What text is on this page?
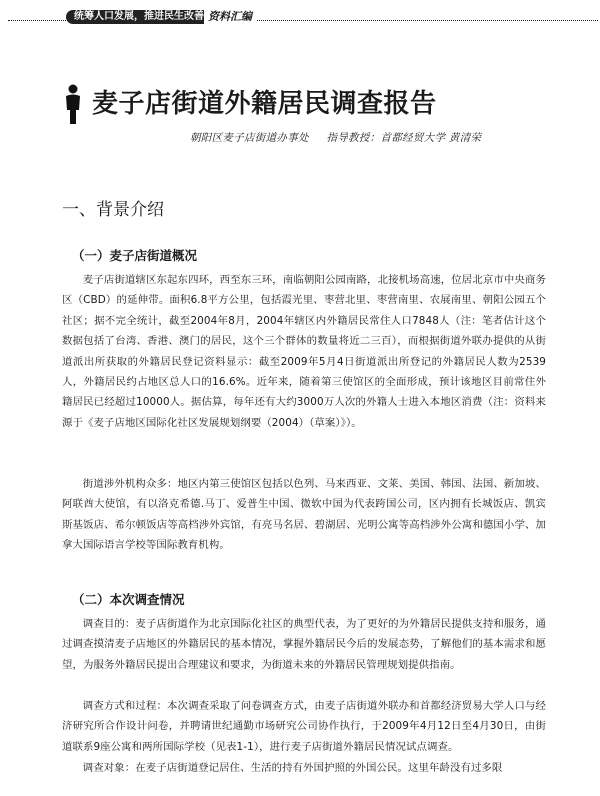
统筹人口发展，推进民生改善 资料汇编
麦子店街道外籍居民调查报告
朝阳区麦子店街道办事处 指导教授：首都经贸大学 黄清荣
一、背景介绍
（一）麦子店街道概况

麦子店街道辖区东起东四环，西至东三环，南临朝阳公园南路，北接机场高速，位居北京市中央商务区（CBD）的延伸带。面积6.8平方公里，包括霞光里、枣营北里、枣营南里、农展南里、朝阳公园五个社区；据不完全统计，截至2004年8月，2004年辖区内外籍居民常住人口7848人（注：笔者估计这个数据包括了台湾、香港、澳门的居民，这个三个群体的数量将近二三百），而根据街道外联办提供的从街道派出所获取的外籍居民登记资料显示：截至2009年5月4日街道派出所登记的外籍居民人数为2539人，外籍居民约占地区总人口的16.6%。近年来，随着第三使馆区的全面形成，预计该地区目前常住外籍居民已经超过10000人。据估算，每年还有大约3000万人次的外籍人士进入本地区消费（注：资料来源于《麦子店地区国际化社区发展规划纲要（2004）（草案）》）。

街道涉外机构众多：地区内第三使馆区包括以色列、马来西亚、文莱、美国、韩国、法国、新加坡、阿联酋大使馆，有以洛克希德.马丁、爱普生中国、微软中国为代表跨国公司，区内拥有长城饭店、凯宾斯基饭店、希尔顿饭店等高档涉外宾馆，有亮马名居、碧湖居、光明公寓等高档涉外公寓和德国小学、加拿大国际语言学校等国际教育机构。

（二）本次调查情况

调查目的：麦子店街道作为北京国际化社区的典型代表，为了更好的为外籍居民提供支持和服务，通过调查摸清麦子店地区的外籍居民的基本情况，掌握外籍居民今后的发展态势，了解他们的基本需求和愿望，为服务外籍居民提出合理建议和要求，为街道未来的外籍居民管理规划提供指南。

调查方式和过程：本次调查采取了问卷调查方式，由麦子店街道外联办和首都经济贸易大学人口与经济研究所合作设计问卷，并聘请世纪通勤市场研究公司协作执行，于2009年4月12日至4月30日，由街道联系9座公寓和两所国际学校（见表1-1），进行麦子店街道外籍居民情况试点调查。

调查对象：在麦子店街道登记居住、生活的持有外国护照的外国公民。这里年龄没有过多限
